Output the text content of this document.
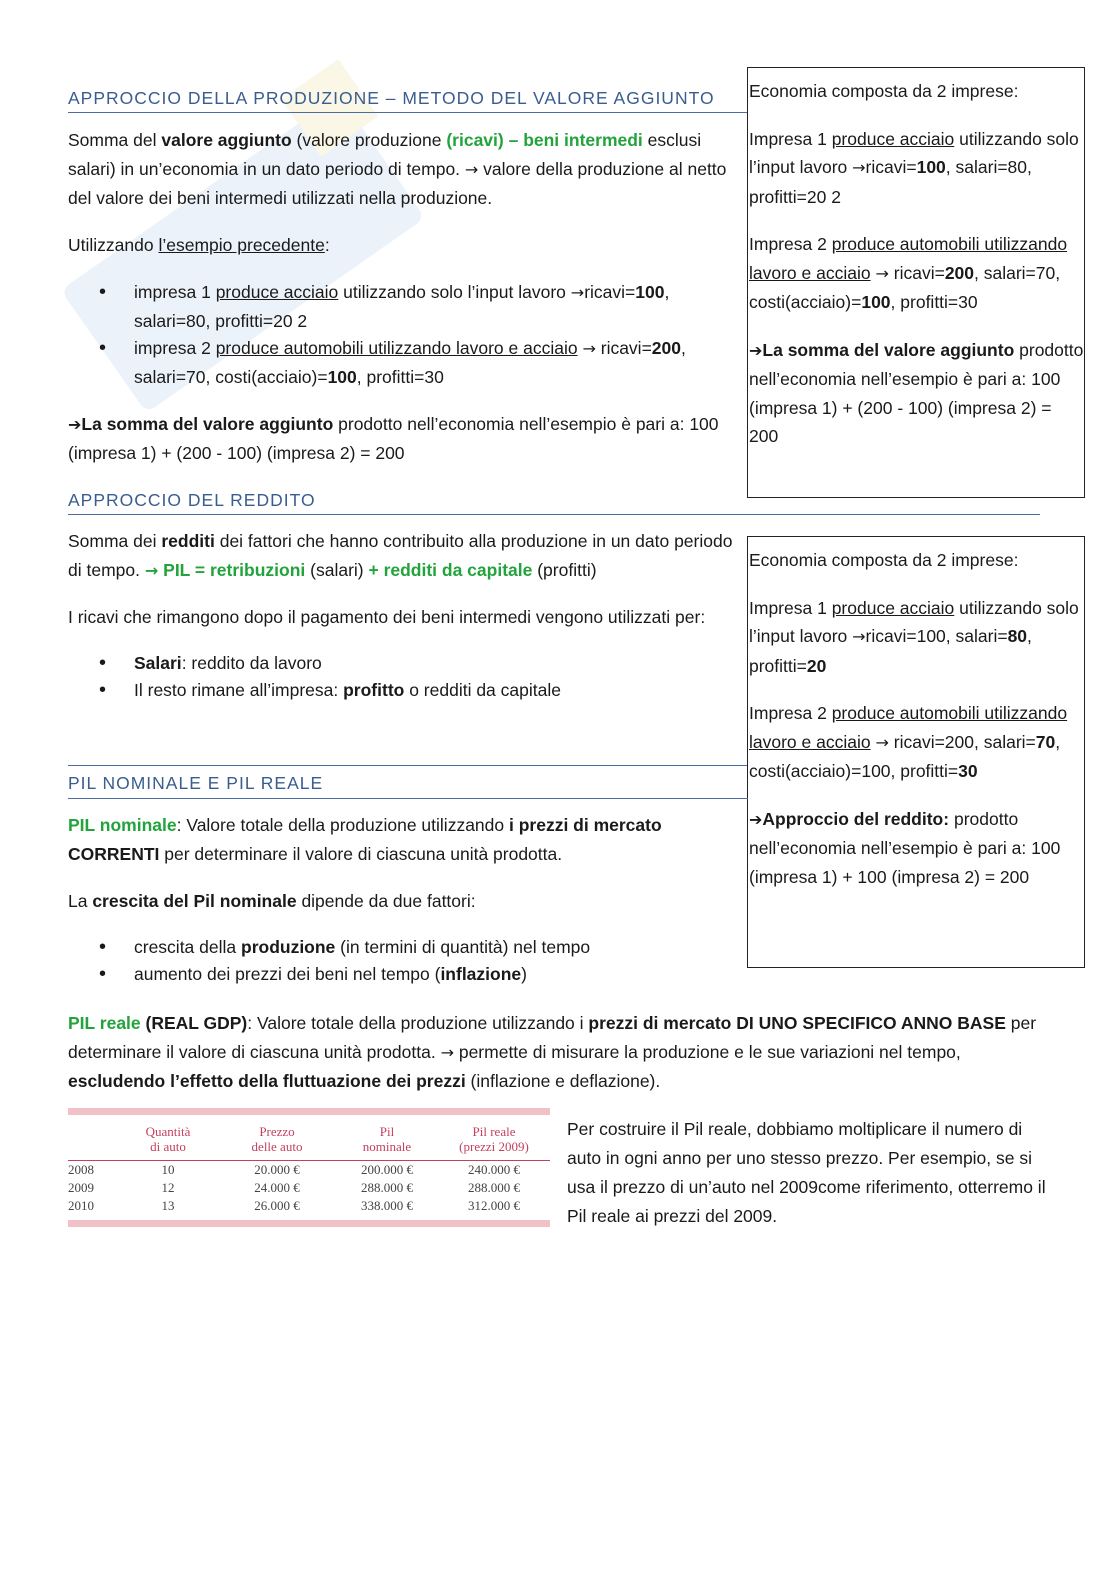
APPROCCIO DELLA PRODUZIONE – METODO DEL VALORE AGGIUNTO

Somma del valore aggiunto (valore produzione (ricavi) – beni intermedi esclusi salari) in un’economia in un dato periodo di tempo. → valore della produzione al netto del valore dei beni intermedi utilizzati nella produzione.

Utilizzando l’esempio precedente:

• impresa 1 produce acciaio utilizzando solo l’input lavoro →ricavi=100, salari=80, profitti=20 2
• impresa 2 produce automobili utilizzando lavoro e acciaio → ricavi=200, salari=70, costi(acciaio)=100, profitti=30

➔La somma del valore aggiunto prodotto nell’economia nell’esempio è pari a: 100 (impresa 1) + (200 - 100) (impresa 2) = 200

Economia composta da 2 imprese:

Impresa 1 produce acciaio utilizzando solo l’input lavoro →ricavi=100, salari=80, profitti=20 2

Impresa 2 produce automobili utilizzando lavoro e acciaio → ricavi=200, salari=70, costi(acciaio)=100, profitti=30

➔La somma del valore aggiunto prodotto nell’economia nell’esempio è pari a: 100 (impresa 1) + (200 - 100) (impresa 2) = 200

APPROCCIO DEL REDDITO

Somma dei redditi dei fattori che hanno contribuito alla produzione in un dato periodo di tempo. → PIL = retribuzioni (salari) + redditi da capitale (profitti)

I ricavi che rimangono dopo il pagamento dei beni intermedi vengono utilizzati per:

• Salari: reddito da lavoro
• Il resto rimane all’impresa: profitto o redditi da capitale

Economia composta da 2 imprese:

Impresa 1 produce acciaio utilizzando solo l’input lavoro →ricavi=100, salari=80, profitti=20

Impresa 2 produce automobili utilizzando lavoro e acciaio → ricavi=200, salari=70, costi(acciaio)=100, profitti=30

➔Approccio del reddito: prodotto nell’economia nell’esempio è pari a: 100 (impresa 1) + 100 (impresa 2) = 200

PIL NOMINALE E PIL REALE

PIL nominale: Valore totale della produzione utilizzando i prezzi di mercato CORRENTI per determinare il valore di ciascuna unità prodotta.

La crescita del Pil nominale dipende da due fattori:

• crescita della produzione (in termini di quantità) nel tempo
• aumento dei prezzi dei beni nel tempo (inflazione)
PIL reale (REAL GDP): Valore totale della produzione utilizzando i prezzi di mercato DI UNO SPECIFICO ANNO BASE per determinare il valore di ciascuna unità prodotta. → permette di misurare la produzione e le sue variazioni nel tempo, escludendo l’effetto della fluttuazione dei prezzi (inflazione e deflazione).
	Quantità
di auto	Prezzo
delle auto	Pil
nominale	Pil reale
(prezzi 2009)

2008	10	20.000 €	200.000 €	240.000 €
2009	12	24.000 €	288.000 €	288.000 €
2010	13	26.000 €	338.000 €	312.000 €
Per costruire il Pil reale, dobbiamo moltiplicare il numero di auto in ogni anno per uno stesso prezzo. Per esempio, se si usa il prezzo di un’auto nel 2009come riferimento, otterremo il Pil reale ai prezzi del 2009.
